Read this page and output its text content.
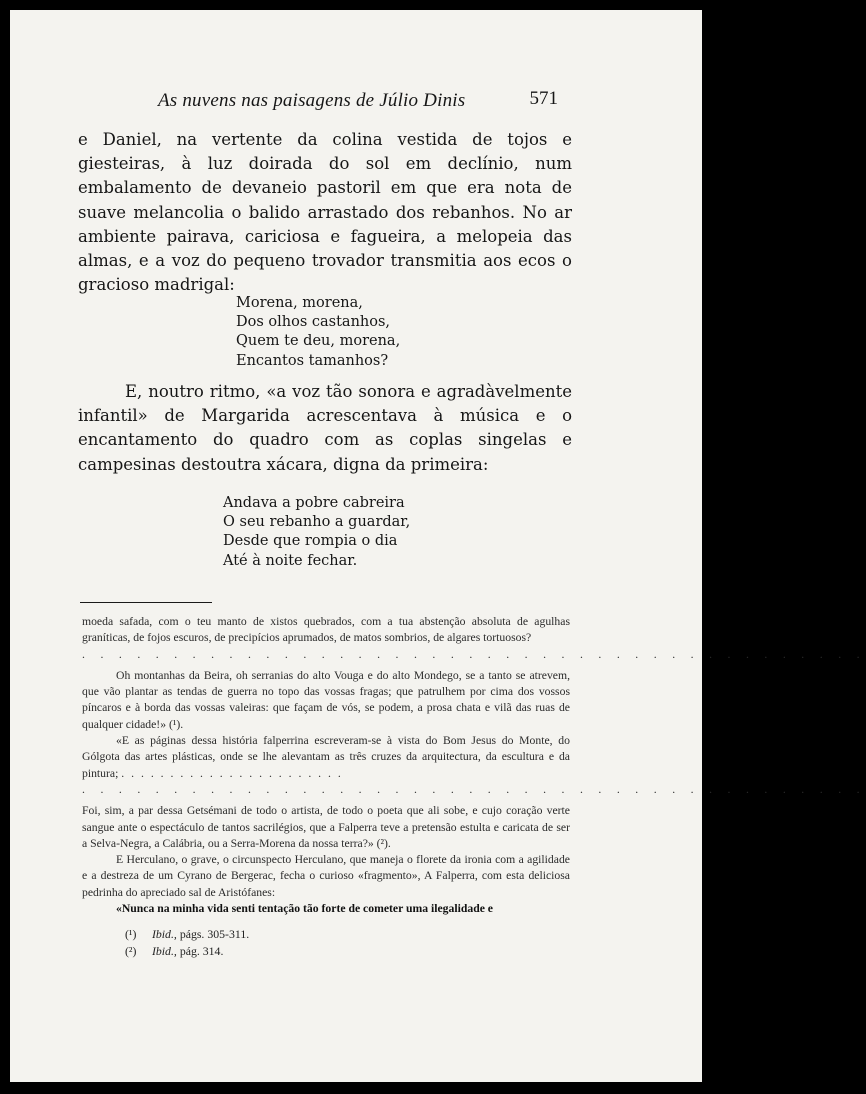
As nuvens nas paisagens de Júlio Dinis	571

e Daniel, na vertente da colina vestida de tojos e giesteiras, à luz doirada do sol em declínio, num embalamento de devaneio pastoril em que era nota de suave melancolia o balido arrastado dos rebanhos. No ar ambiente pairava, cariciosa e fagueira, a melopeia das almas, e a voz do pequeno trovador transmitia aos ecos o gracioso madrigal:

Morena, morena,
Dos olhos castanhos,
Quem te deu, morena,
Encantos tamanhos?

E, noutro ritmo, «a voz tão sonora e agradàvelmente infantil» de Margarida acrescentava à música e o encantamento do quadro com as coplas singelas e campesinas destoutra xácara, digna da primeira:

Andava a pobre cabreira
O seu rebanho a guardar,
Desde que rompia o dia
Até à noite fechar.

moeda safada, com o teu manto de xistos quebrados, com a tua abstenção absoluta de agulhas graníticas, de fojos escuros, de precipícios aprumados, de matos sombrios, de algares tortuosos?

. . . . . . . . . . . . . . . . . . . . . . . . . . . . . . . . . . . . . . . . . . .

Oh montanhas da Beira, oh serranias do alto Vouga e do alto Mondego, se a tanto se atrevem, que vão plantar as tendas de guerra no topo das vossas fragas; que patrulhem por cima dos vossos píncaros e à borda das vossas valeiras: que façam de vós, se podem, a prosa chata e vilã das ruas de qualquer cidade!» (¹).

«E as páginas dessa história falperrina escreveram-se à vista do Bom Jesus do Monte, do Gólgota das artes plásticas, onde se lhe alevantam as três cruzes da arquitectura, da escultura e da pintura; . . . . . . . . . . . . . . . . . . . . . . .

. . . . . . . . . . . . . . . . . . . . . . . . . . . . . . . . . . . . . . . . . . .

Foi, sim, a par dessa Getsémani de todo o artista, de todo o poeta que ali sobe, e cujo coração verte sangue ante o espectáculo de tantos sacrilégios, que a Falperra teve a pretensão estulta e caricata de ser a Selva-Negra, a Calábria, ou a Serra-Morena da nossa terra?» (²).

E Herculano, o grave, o circunspecto Herculano, que maneja o florete da ironia com a agilidade e a destreza de um Cyrano de Bergerac, fecha o curioso «fragmento», A Falperra, com esta deliciosa pedrinha do apreciado sal de Aristófanes:

«Nunca na minha vida senti tentação tão forte de cometer uma ilegalidade e

(¹) Ibid., págs. 305-311.
(²) Ibid., pág. 314.
